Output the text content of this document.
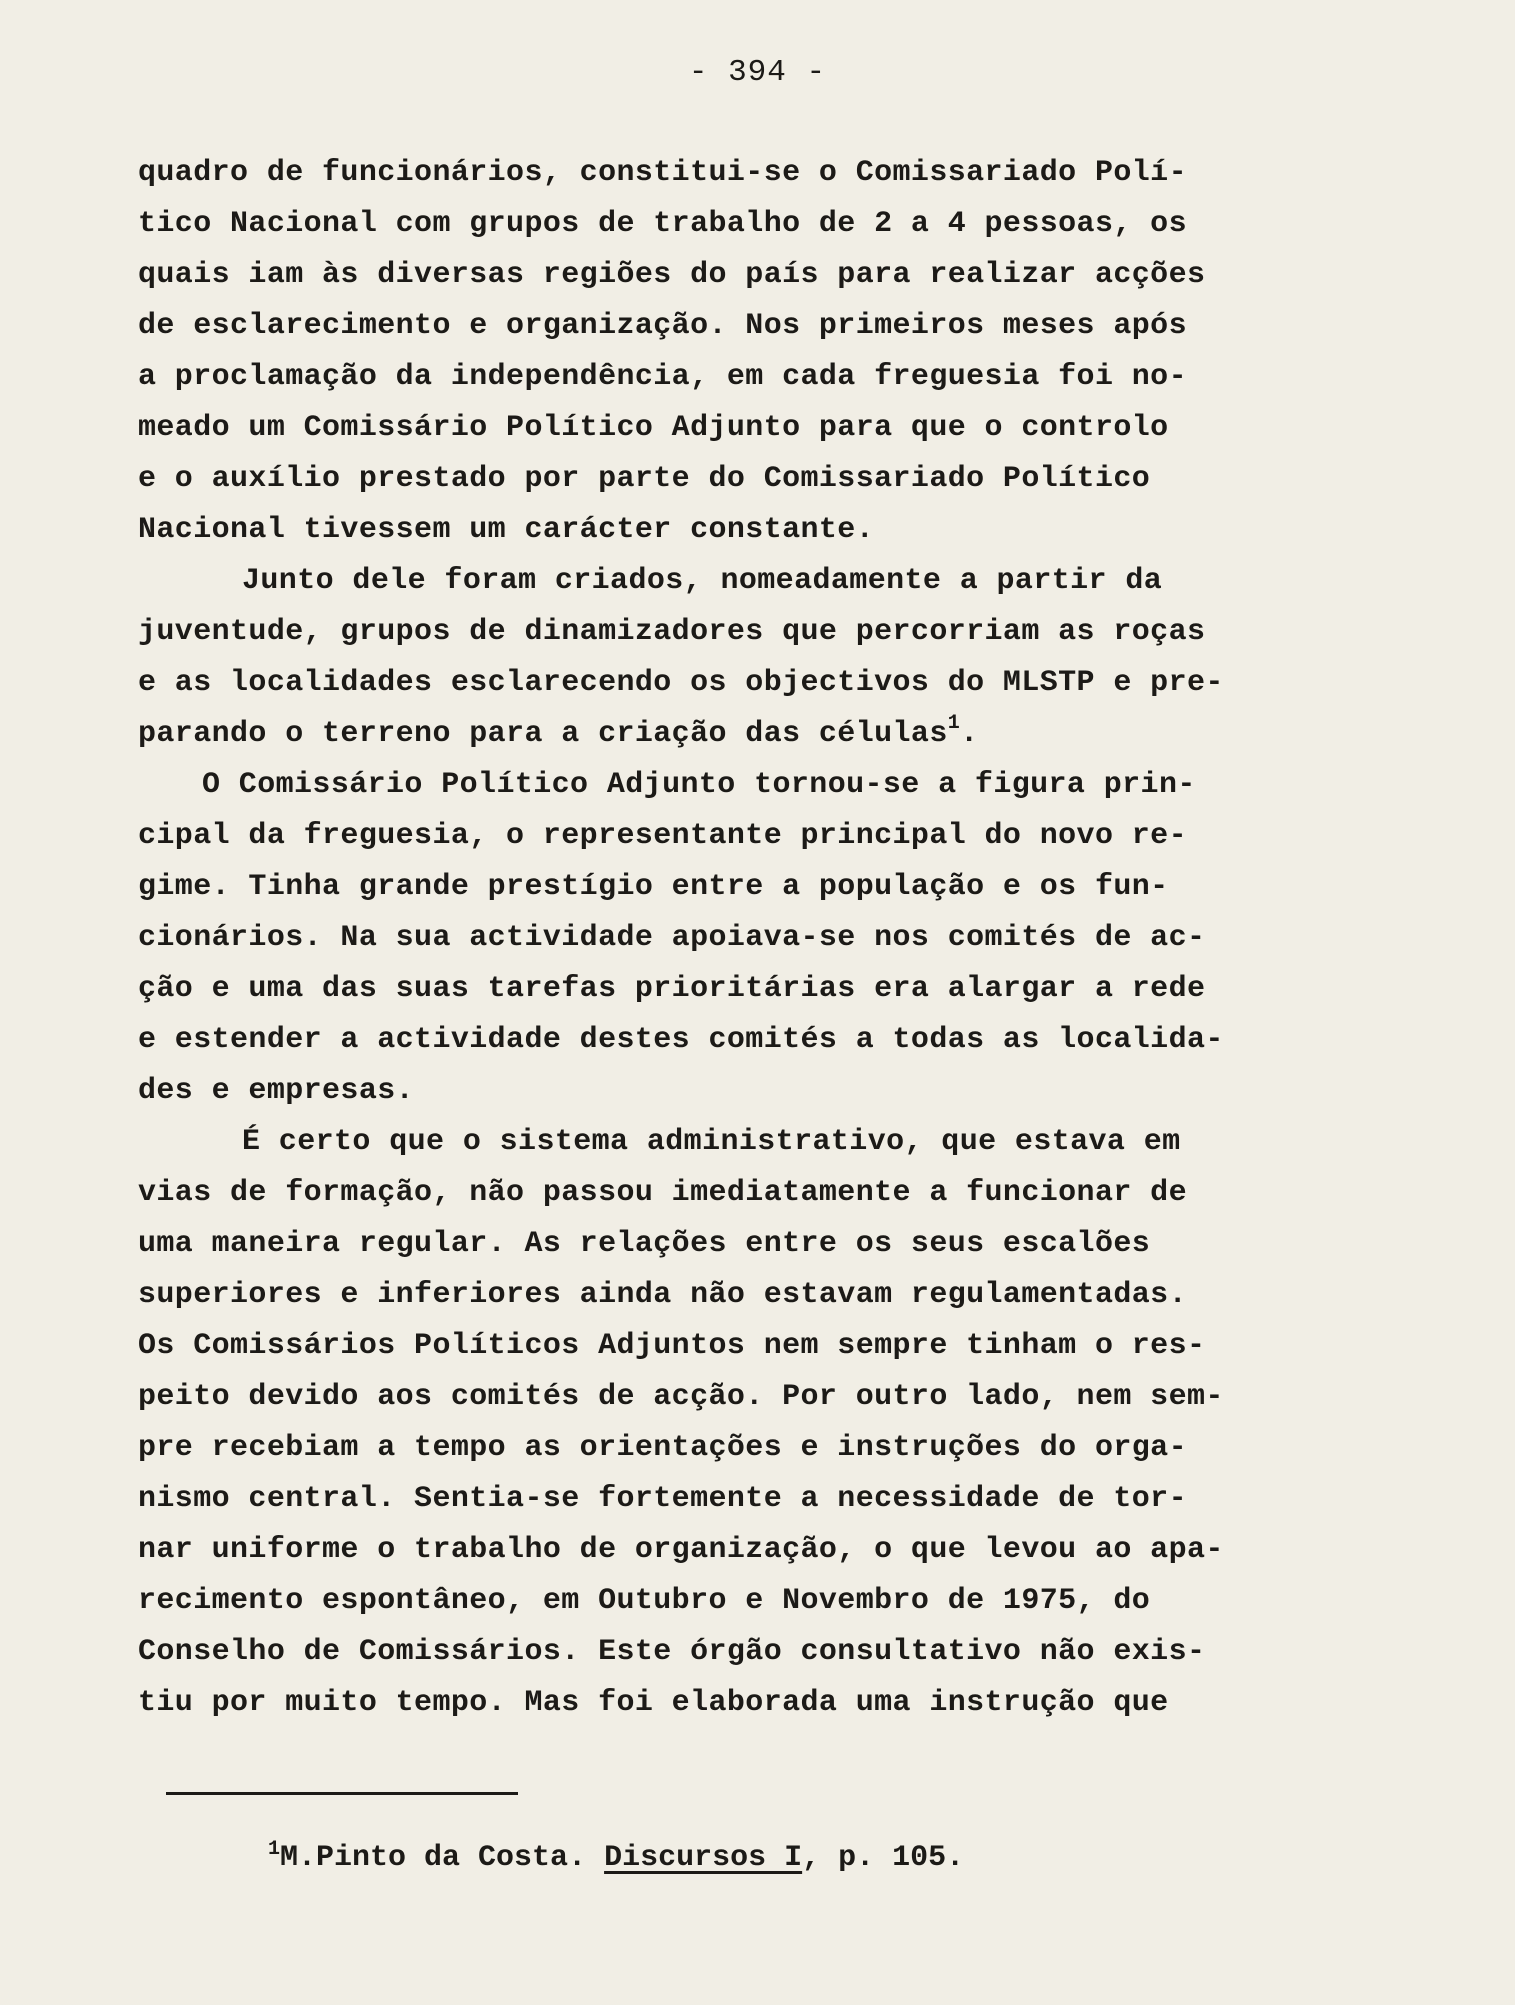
- 394 -
quadro de funcionários, constitui-se o Comissariado Polí-
tico Nacional com grupos de trabalho de 2 a 4 pessoas, os
quais iam às diversas regiões do país para realizar acções
de esclarecimento e organização. Nos primeiros meses após
a proclamação da independência, em cada freguesia foi no-
meado um Comissário Político Adjunto para que o controlo
e o auxílio prestado por parte do Comissariado Político
Nacional tivessem um carácter constante.
Junto dele foram criados, nomeadamente a partir da
juventude, grupos de dinamizadores que percorriam as roças
e as localidades esclarecendo os objectivos do MLSTP e pre-
parando o terreno para a criação das células$^1$.
O Comissário Político Adjunto tornou-se a figura prin-
cipal da freguesia, o representante principal do novo re-
gime. Tinha grande prestígio entre a população e os fun-
cionários. Na sua actividade apoiava-se nos comités de ac-
ção e uma das suas tarefas prioritárias era alargar a rede
e estender a actividade destes comités a todas as localida-
des e empresas.
É certo que o sistema administrativo, que estava em
vias de formação, não passou imediatamente a funcionar de
uma maneira regular. As relações entre os seus escalões
superiores e inferiores ainda não estavam regulamentadas.
Os Comissários Políticos Adjuntos nem sempre tinham o res-
peito devido aos comités de acção. Por outro lado, nem sem-
pre recebiam a tempo as orientações e instruções do orga-
nismo central. Sentia-se fortemente a necessidade de tor-
nar uniforme o trabalho de organização, o que levou ao apa-
recimento espontâneo, em Outubro e Novembro de 1975, do
Conselho de Comissários. Este órgão consultativo não exis-
tiu por muito tempo. Mas foi elaborada uma instrução que
$^1$M.Pinto da Costa. Discursos I, p. 105.
